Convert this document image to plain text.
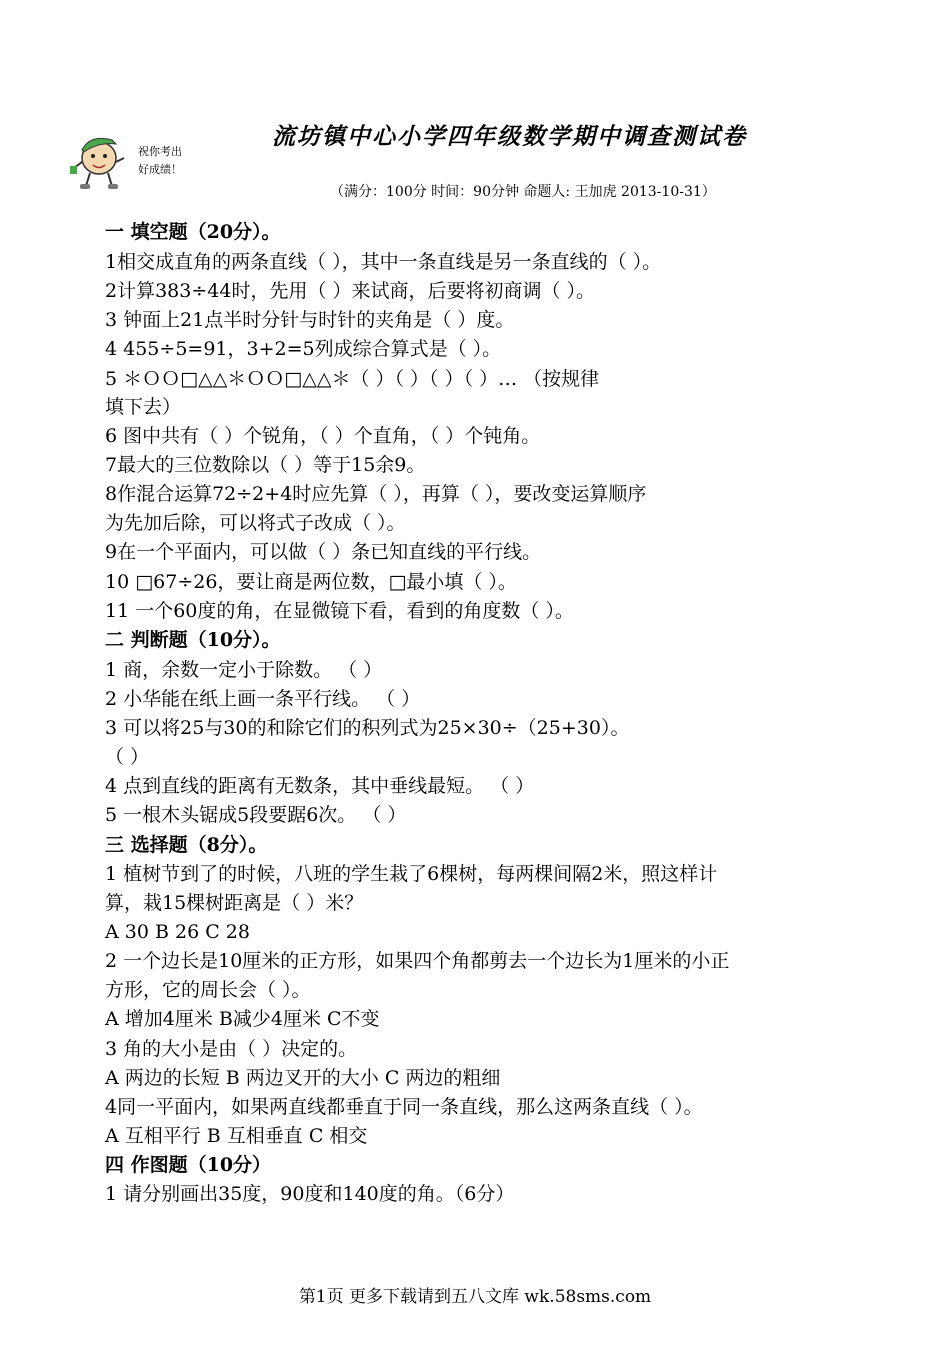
祝你考出
好成绩！
流坊镇中心小学四年级数学期中调查测试卷
（满分：100分 时间：90分钟 命题人: 王加虎 2013-10-31）
一 填空题（20分）。
1相交成直角的两条直线（ ），其中一条直线是另一条直线的（ ）。
2计算383÷44时，先用（ ）来试商，后要将初商调（ ）。
3 钟面上21点半时分针与时针的夹角是（ ）度。
4 455÷5=91，3+2=5列成综合算式是（ ）。
5 ＊ＯＯ□△△＊ＯＯ□△△＊（ ）（ ）（ ）（ ）… （按规律
填下去）
6 图中共有（ ）个锐角，（ ）个直角，（ ）个钝角。
7最大的三位数除以（ ）等于15余9。
8作混合运算72÷2+4时应先算（ ），再算（ ），要改变运算顺序
为先加后除，可以将式子改成（ ）。
9在一个平面内，可以做（ ）条已知直线的平行线。
10 □67÷26，要让商是两位数，□最小填（ ）。
11 一个60度的角，在显微镜下看，看到的角度数（ ）。
二 判断题（10分）。
1 商，余数一定小于除数。 （ ）
2 小华能在纸上画一条平行线。 （ ）
3 可以将25与30的和除它们的积列式为25×30÷（25+30）。
（ ）
4 点到直线的距离有无数条，其中垂线最短。 （ ）
5 一根木头锯成5段要踞6次。 （ ）
三 选择题（8分）。
1 植树节到了的时候，八班的学生栽了6棵树，每两棵间隔2米，照这样计
算，栽15棵树距离是（ ）米？
A 30 B 26 C 28
2 一个边长是10厘米的正方形，如果四个角都剪去一个边长为1厘米的小正
方形，它的周长会（ ）。
A 增加4厘米 B减少4厘米 C不变
3 角的大小是由（ ）决定的。
A 两边的长短 B 两边叉开的大小 C 两边的粗细
4同一平面内，如果两直线都垂直于同一条直线，那么这两条直线（ ）。
A 互相平行 B 互相垂直 C 相交
四 作图题（10分）
1 请分别画出35度，90度和140度的角。（6分）
第1页 更多下载请到五八文库 wk.58sms.com
